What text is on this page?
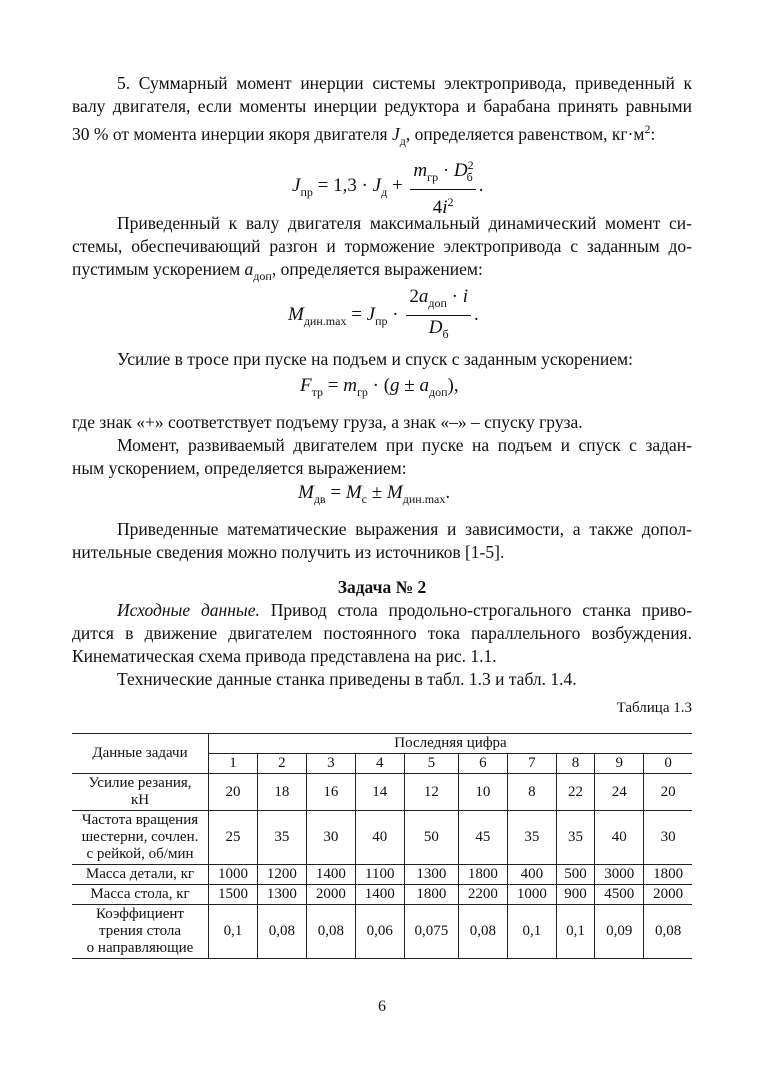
5. Суммарный момент инерции системы электропривода, приведенный к
валу двигателя, если моменты инерции редуктора и барабана принять равными
30 % от момента инерции якоря двигателя $J_д$, определяется равенством, $кг\cdot м^2$:
$J_{пр} = 1,3 \cdot J_д + \frac{m_{гр} \cdot D^2_б}{4i^2}$ .
Приведенный к валу двигателя максимальный динамический момент си-
стемы, обеспечивающий разгон и торможение электропривода с заданным до-
пустимым ускорением $a_{доп}$, определяется выражением:
$M_{дин.max} = J_{пр} \cdot \frac{2a_{доп} \cdot i}{D_б}$ .
Усилие в тросе при пуске на подъем и спуск с заданным ускорением:
$F_{тр} = m_{гр} \cdot (g \pm a_{доп})$,
где знак «+» соответствует подъему груза, а знак «–» – спуску груза.
Момент, развиваемый двигателем при пуске на подъем и спуск с задан-
ным ускорением, определяется выражением:
$M_{дв} = M_с \pm M_{дин.max}$.
Приведенные математические выражения и зависимости, а также допол-
нительные сведения можно получить из источников [1-5].
Задача № 2
Исходные данные. Привод стола продольно-строгального станка приво-
дится в движение двигателем постоянного тока параллельного возбуждения.
Кинематическая схема привода представлена на рис. 1.1.
Технические данные станка приведены в табл. 1.3 и табл. 1.4.
Таблица 1.3
Данные задачи	Последняя цифра									
	1	2	3	4	5	6	7	8	9	0

Усилие резания,
кН	20	18	16	14	12	10	8	22	24	20

Частота вращения
шестерни, сочлен.
с рейкой, об/мин	25	35	30	40	50	45	35	35	40	30

Масса детали, кг	1000	1200	1400	1100	1300	1800	400	500	3000	1800

Масса стола, кг	1500	1300	2000	1400	1800	2200	1000	900	4500	2000

Коэффициент
трения стола
о направляющие	0,1	0,08	0,08	0,06	0,075	0,08	0,1	0,1	0,09	0,08
6
